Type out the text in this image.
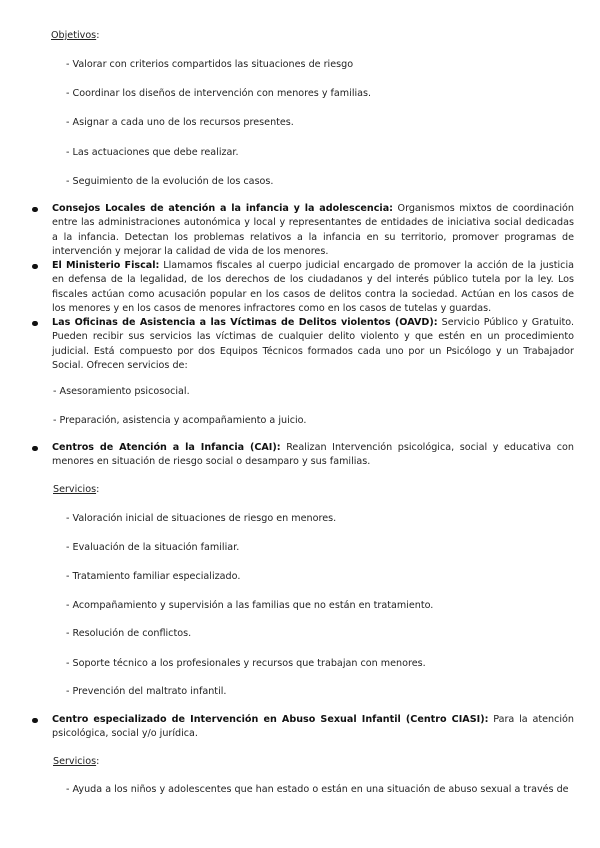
Objetivos:
- Valorar con criterios compartidos las situaciones de riesgo
- Coordinar los diseños de intervención con menores y familias.
- Asignar a cada uno de los recursos presentes.
- Las actuaciones que debe realizar.
- Seguimiento de la evolución de los casos.
Consejos Locales de atención a la infancia y la adolescencia: Organismos mixtos de coordinación entre las administraciones autonómica y local y representantes de entidades de iniciativa social dedicadas a la infancia. Detectan los problemas relativos a la infancia en su territorio, promover programas de intervención y mejorar la calidad de vida de los menores.
El Ministerio Fiscal: Llamamos fiscales al cuerpo judicial encargado de promover la acción de la justicia en defensa de la legalidad, de los derechos de los ciudadanos y del interés público tutela por la ley. Los fiscales actúan como acusación popular en los casos de delitos contra la sociedad. Actúan en los casos de los menores y en los casos de menores infractores como en los casos de tutelas y guardas.
Las Oficinas de Asistencia a las Víctimas de Delitos violentos (OAVD): Servicio Público y Gratuito. Pueden recibir sus servicios las víctimas de cualquier delito violento y que estén en un procedimiento judicial. Está compuesto por dos Equipos Técnicos formados cada uno por un Psicólogo y un Trabajador Social. Ofrecen servicios de:
- Asesoramiento psicosocial.
- Preparación, asistencia y acompañamiento a juicio.
Centros de Atención a la Infancia (CAI): Realizan Intervención psicológica, social y educativa con menores en situación de riesgo social o desamparo y sus familias.
Servicios:
- Valoración inicial de situaciones de riesgo en menores.
- Evaluación de la situación familiar.
- Tratamiento familiar especializado.
- Acompañamiento y supervisión a las familias que no están en tratamiento.
- Resolución de conflictos.
- Soporte técnico a los profesionales y recursos que trabajan con menores.
- Prevención del maltrato infantil.
Centro especializado de Intervención en Abuso Sexual Infantil (Centro CIASI): Para la atención psicológica, social y/o jurídica.
Servicios:
- Ayuda a los niños y adolescentes que han estado o están en una situación de abuso sexual a través de
